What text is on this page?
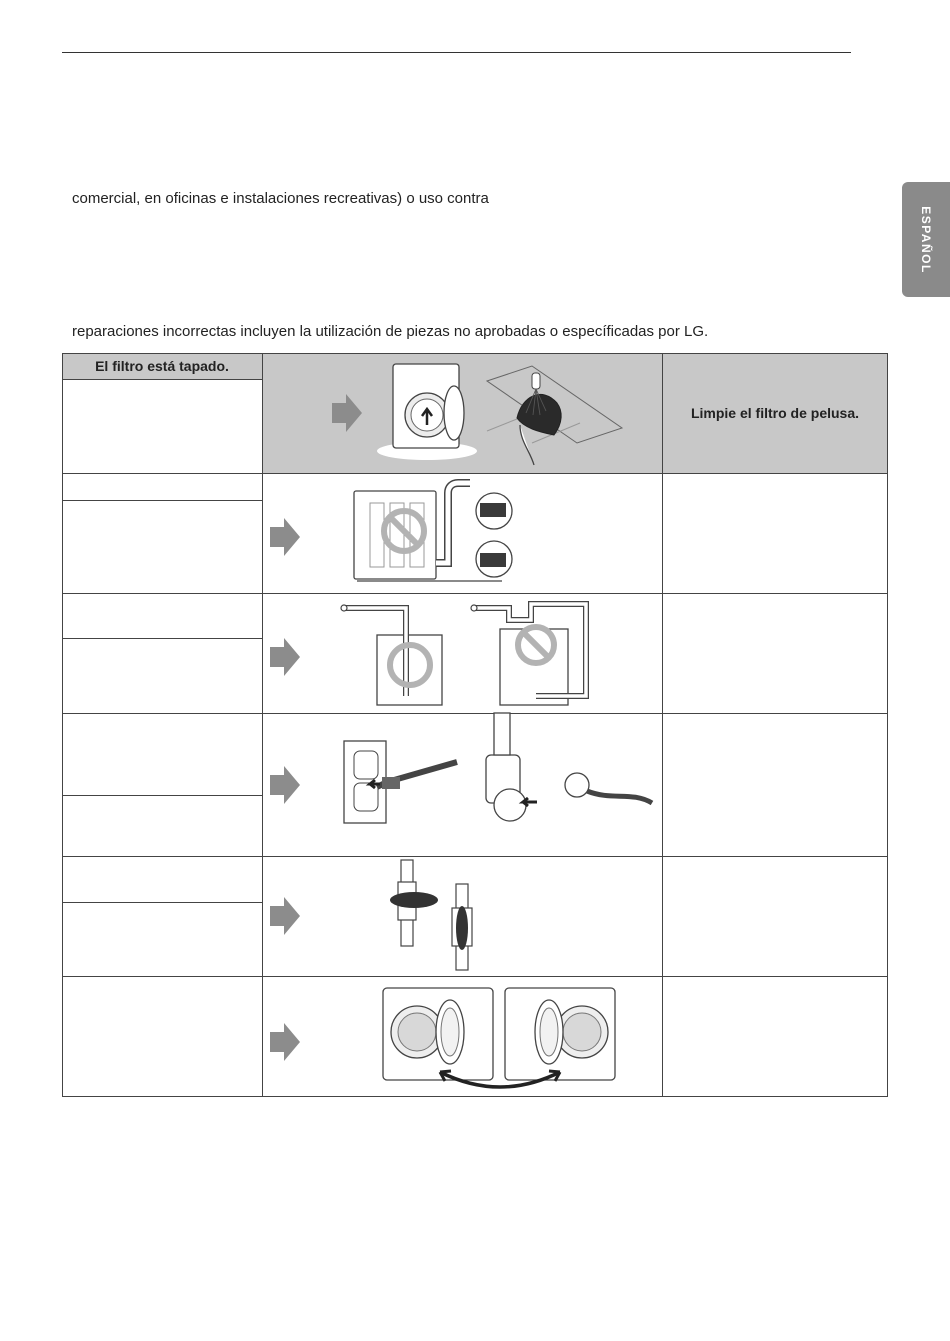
ESPAÑOL
comercial, en oficinas e instalaciones recreativas) o uso contra
reparaciones incorrectas incluyen la utilización de piezas no aprobadas o específicadas por LG.
El filtro está tapado.
Limpie el filtro de pelusa.
